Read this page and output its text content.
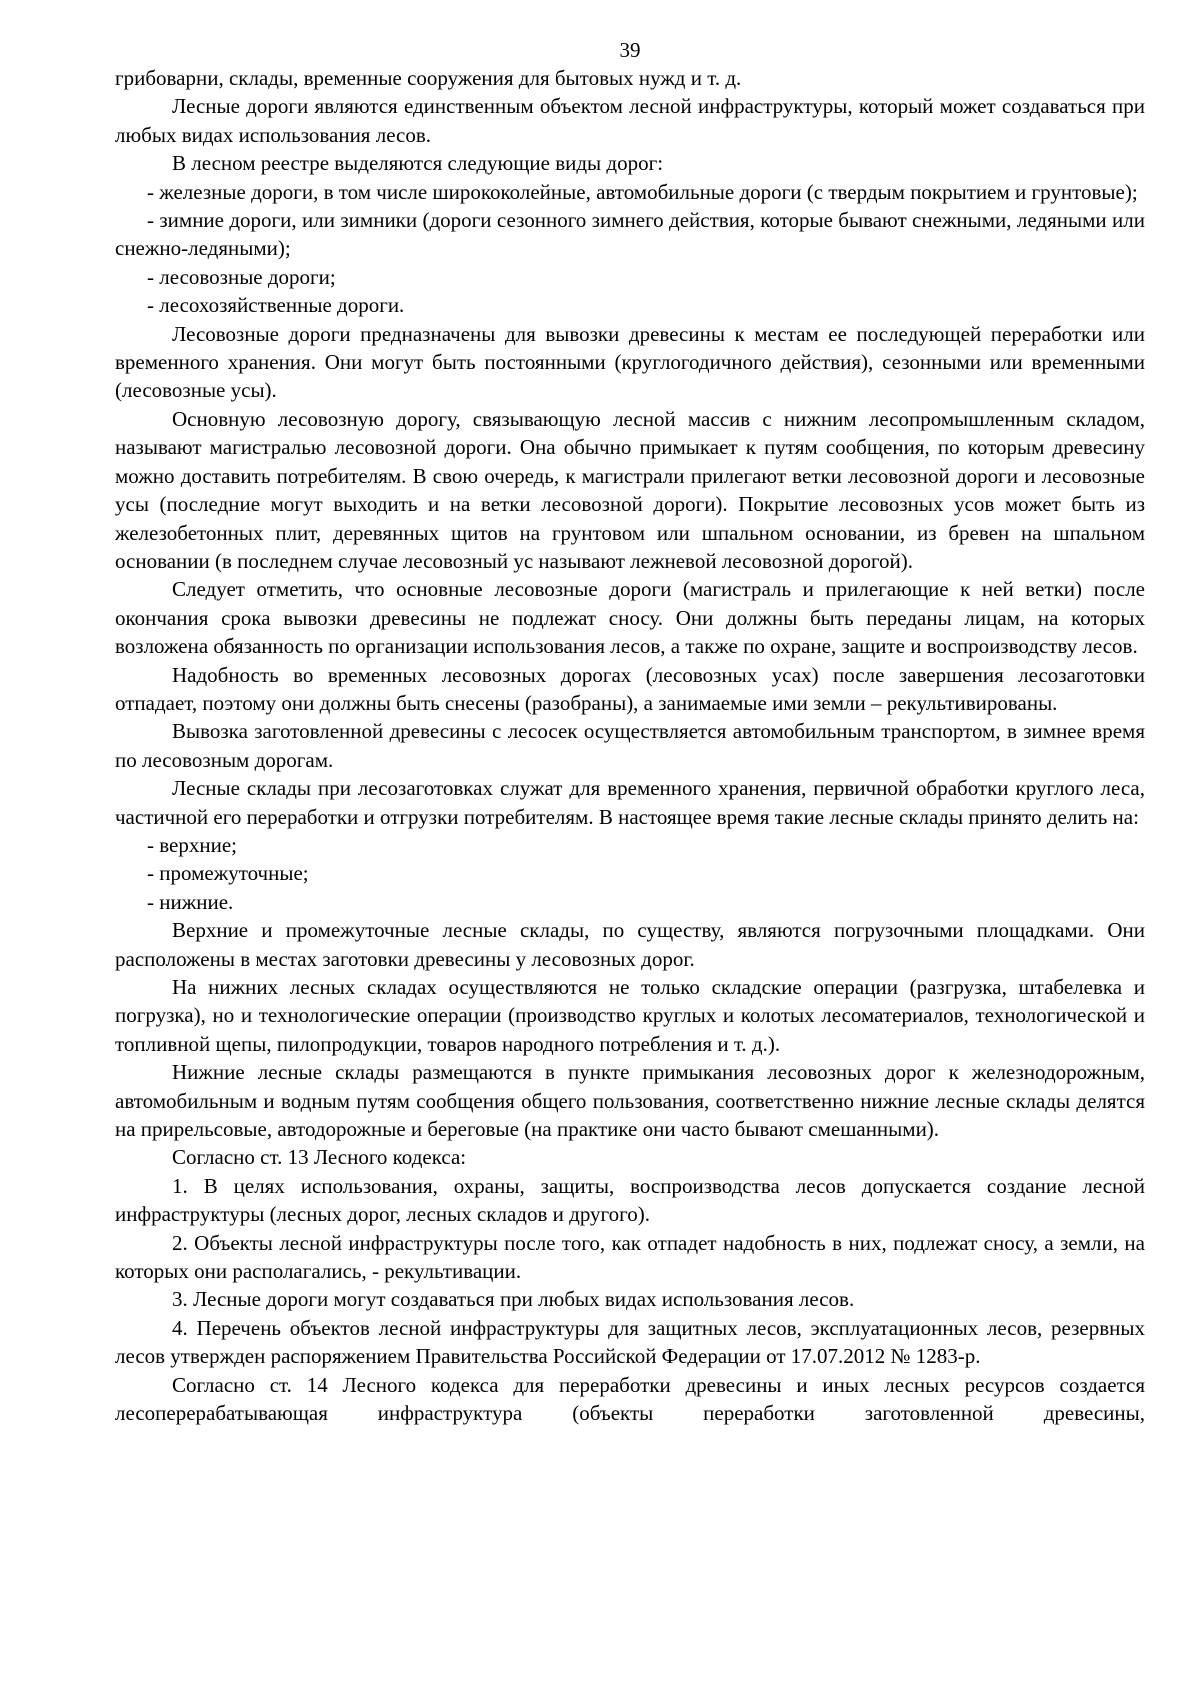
39

грибоварни, склады, временные сооружения для бытовых нужд и т. д.

Лесные дороги являются единственным объектом лесной инфраструктуры, который может создаваться при любых видах использования лесов.

В лесном реестре выделяются следующие виды дорог:

- железные дороги, в том числе ширококолейные, автомобильные дороги (с твердым покрытием и грунтовые);

- зимние дороги, или зимники (дороги сезонного зимнего действия, которые бывают снежными, ледяными или снежно-ледяными);

- лесовозные дороги;

- лесохозяйственные дороги.

Лесовозные дороги предназначены для вывозки древесины к местам ее последующей переработки или временного хранения. Они могут быть постоянными (круглогодичного действия), сезонными или временными (лесовозные усы).

Основную лесовозную дорогу, связывающую лесной массив с нижним лесопромышленным складом, называют магистралью лесовозной дороги. Она обычно примыкает к путям сообщения, по которым древесину можно доставить потребителям. В свою очередь, к магистрали прилегают ветки лесовозной дороги и лесовозные усы (последние могут выходить и на ветки лесовозной дороги). Покрытие лесовозных усов может быть из железобетонных плит, деревянных щитов на грунтовом или шпальном основании, из бревен на шпальном основании (в последнем случае лесовозный ус называют лежневой лесовозной дорогой).

Следует отметить, что основные лесовозные дороги (магистраль и прилегающие к ней ветки) после окончания срока вывозки древесины не подлежат сносу. Они должны быть переданы лицам, на которых возложена обязанность по организации использования лесов, а также по охране, защите и воспроизводству лесов.

Надобность во временных лесовозных дорогах (лесовозных усах) после завершения лесозаготовки отпадает, поэтому они должны быть снесены (разобраны), а занимаемые ими земли – рекультивированы.

Вывозка заготовленной древесины с лесосек осуществляется автомобильным транспортом, в зимнее время по лесовозным дорогам.

Лесные склады при лесозаготовках служат для временного хранения, первичной обработки круглого леса, частичной его переработки и отгрузки потребителям. В настоящее время такие лесные склады принято делить на:

- верхние;

- промежуточные;

- нижние.

Верхние и промежуточные лесные склады, по существу, являются погрузочными площадками. Они расположены в местах заготовки древесины у лесовозных дорог.

На нижних лесных складах осуществляются не только складские операции (разгрузка, штабелевка и погрузка), но и технологические операции (производство круглых и колотых лесоматериалов, технологической и топливной щепы, пилопродукции, товаров народного потребления и т. д.).

Нижние лесные склады размещаются в пункте примыкания лесовозных дорог к железнодорожным, автомобильным и водным путям сообщения общего пользования, соответственно нижние лесные склады делятся на прирельсовые, автодорожные и береговые (на практике они часто бывают смешанными).

Согласно ст. 13 Лесного кодекса:

1. В целях использования, охраны, защиты, воспроизводства лесов допускается создание лесной инфраструктуры (лесных дорог, лесных складов и другого).

2. Объекты лесной инфраструктуры после того, как отпадет надобность в них, подлежат сносу, а земли, на которых они располагались, - рекультивации.

3. Лесные дороги могут создаваться при любых видах использования лесов.

4. Перечень объектов лесной инфраструктуры для защитных лесов, эксплуатационных лесов, резервных лесов утвержден распоряжением Правительства Российской Федерации от 17.07.2012 № 1283-р.

Согласно ст. 14 Лесного кодекса для переработки древесины и иных лесных ресурсов создается лесоперерабатывающая инфраструктура (объекты переработки заготовленной древесины,
